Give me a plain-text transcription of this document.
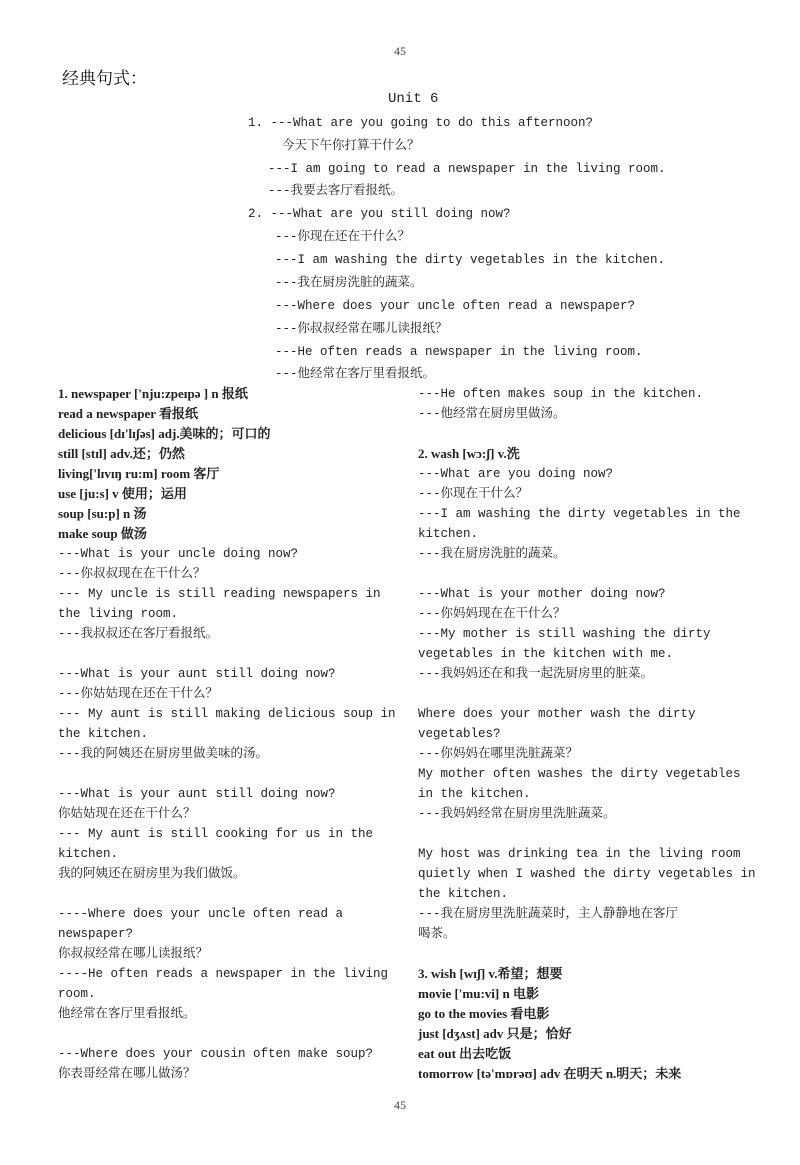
45
经典句式：
Unit 6
1. ---What are you going to do this afternoon?
今天下午你打算干什么？
---I am going to read a newspaper in the living room.
---我要去客厅看报纸。
2. ---What are you still doing now?
---你现在还在干什么？
---I am washing the dirty vegetables in the kitchen.
---我在厨房洗脏的蔬菜。
---Where does your uncle often read a newspaper?
---你叔叔经常在哪儿读报纸？
---He often reads a newspaper in the living room.
---他经常在客厅里看报纸。
1. newspaper ['nju:zpeɪpə ] n 报纸
read a newspaper 看报纸
delicious [dɪ'lɪʃəs] adj.美味的；可口的
still [stɪl] adv.还；仍然
living['lɪvɪŋ ru:m] room 客厅
use [ju:s] v 使用；运用
soup [su:p] n 汤
make soup 做汤
---What is your uncle doing now?
---你叔叔现在在干什么？
--- My uncle is still reading newspapers in
the living room.
---我叔叔还在客厅看报纸。
---What is your aunt still doing now?
---你姑姑现在还在干什么？
--- My aunt is still making delicious soup in
the kitchen.
---我的阿姨还在厨房里做美味的汤。
---What is your aunt still doing now?
你姑姑现在还在干什么？
--- My aunt is still cooking for us in the
kitchen.
我的阿姨还在厨房里为我们做饭。
----Where does your uncle often read a
newspaper?
你叔叔经常在哪儿读报纸？
----He often reads a newspaper in the living
room.
他经常在客厅里看报纸。
---Where does your cousin often make soup?
你表哥经常在哪儿做汤？
---He often makes soup in the kitchen.
---他经常在厨房里做汤。
2. wash [wɔ:ʃ] v.洗
---What are you doing now?
---你现在干什么？
---I am washing the dirty vegetables in the
kitchen.
---我在厨房洗脏的蔬菜。
---What is your mother doing now?
---你妈妈现在在干什么？
---My mother is still washing the dirty
vegetables in the kitchen with me.
---我妈妈还在和我一起洗厨房里的脏菜。
Where does your mother wash the dirty
vegetables?
---你妈妈在哪里洗脏蔬菜？
My mother often washes the dirty vegetables
in the kitchen.
---我妈妈经常在厨房里洗脏蔬菜。
My host was drinking tea in the living room
quietly when I washed the dirty vegetables in
the kitchen.
---我在厨房里洗脏蔬菜时，主人静静地在客厅
喝茶。
3. wish [wɪʃ] v.希望；想要
movie ['mu:vi] n 电影
go to the movies 看电影
just [dʒʌst] adv 只是；恰好
eat out 出去吃饭
tomorrow [tə'mɒrəʊ] adv 在明天 n.明天；未来
45
